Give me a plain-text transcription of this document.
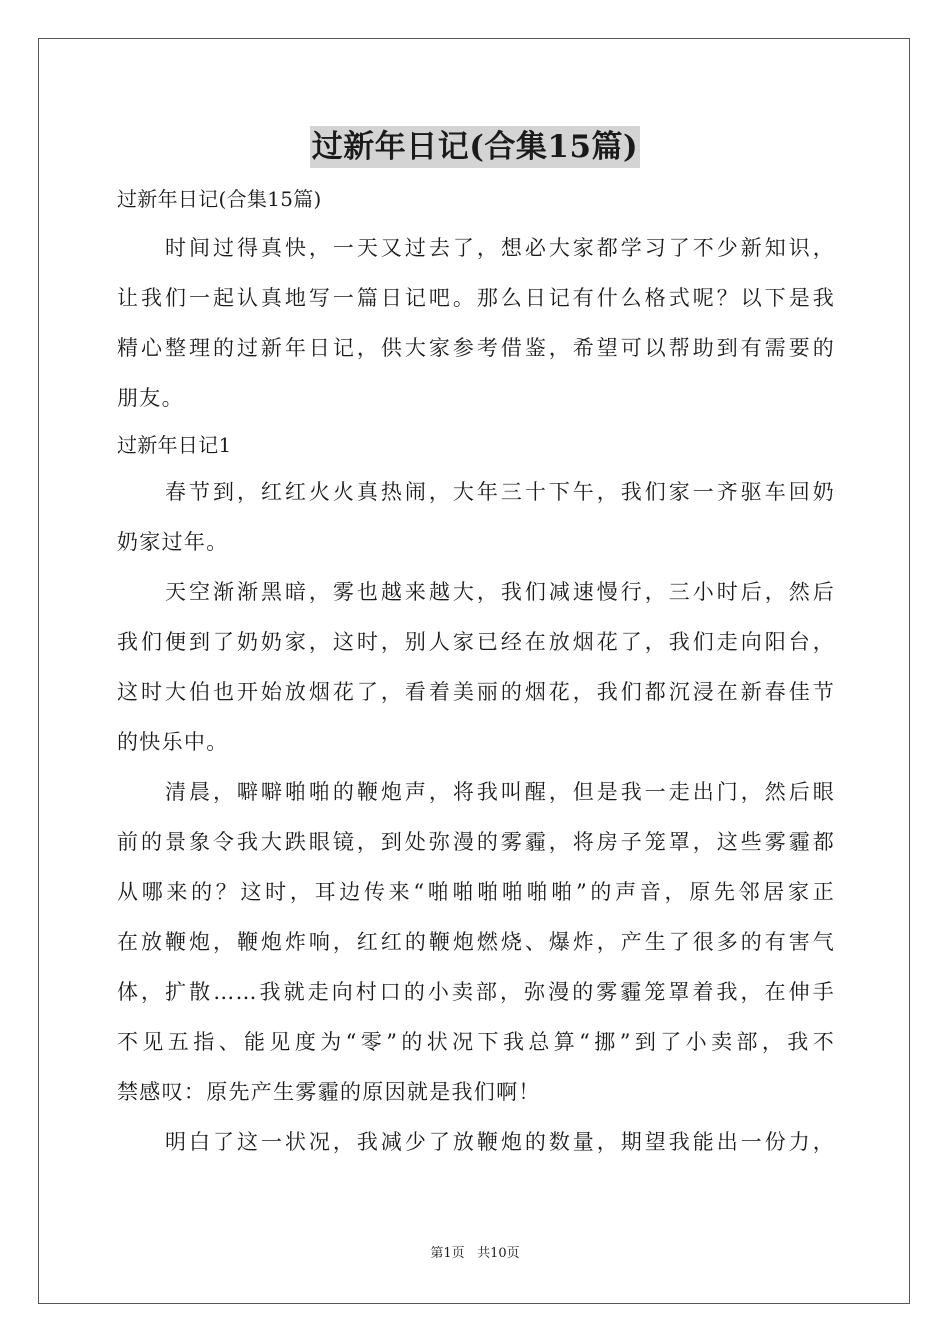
过新年日记(合集15篇)
过新年日记(合集15篇)
时间过得真快，一天又过去了，想必大家都学习了不少新知识，
让我们一起认真地写一篇日记吧。那么日记有什么格式呢？以下是我
精心整理的过新年日记，供大家参考借鉴，希望可以帮助到有需要的
朋友。
过新年日记1
春节到，红红火火真热闹，大年三十下午，我们家一齐驱车回奶
奶家过年。
天空渐渐黑暗，雾也越来越大，我们减速慢行，三小时后，然后
我们便到了奶奶家，这时，别人家已经在放烟花了，我们走向阳台，
这时大伯也开始放烟花了，看着美丽的烟花，我们都沉浸在新春佳节
的快乐中。
清晨，噼噼啪啪的鞭炮声，将我叫醒，但是我一走出门，然后眼
前的景象令我大跌眼镜，到处弥漫的雾霾，将房子笼罩，这些雾霾都
从哪来的？这时，耳边传来“啪啪啪啪啪啪”的声音，原先邻居家正
在放鞭炮，鞭炮炸响，红红的鞭炮燃烧、爆炸，产生了很多的有害气
体，扩散……我就走向村口的小卖部，弥漫的雾霾笼罩着我，在伸手
不见五指、能见度为“零”的状况下我总算“挪”到了小卖部，我不
禁感叹：原先产生雾霾的原因就是我们啊！
明白了这一状况，我减少了放鞭炮的数量，期望我能出一份力，
第1页 共10页
